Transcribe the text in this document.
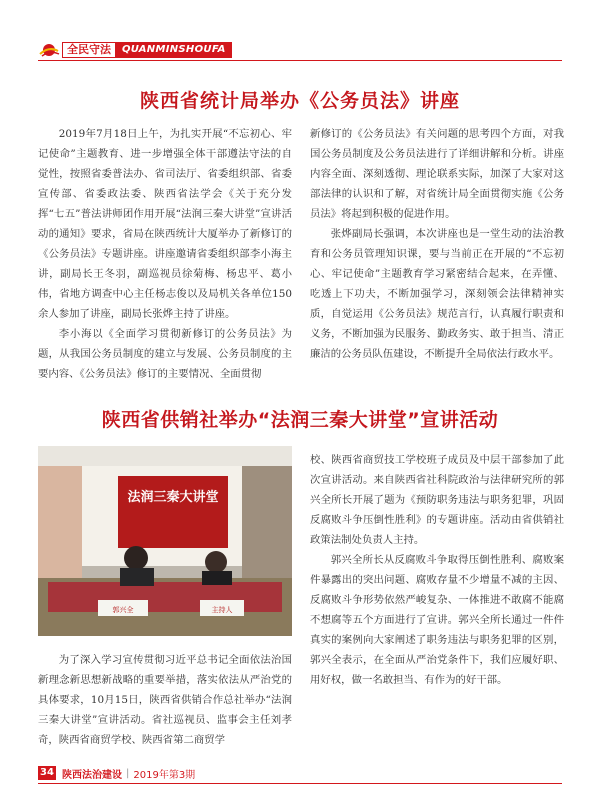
全民守法	QUANMINSHOUFA
陕西省统计局举办《公务员法》讲座

2019年7月18日上午，为扎实开展“不忘初心、牢记使命”主题教育、进一步增强全体干部遵法守法的自觉性，按照省委普法办、省司法厅、省委组织部、省委宣传部、省委政法委、陕西省法学会《关于充分发挥“七五”普法讲师团作用开展“法润三秦大讲堂”宣讲活动的通知》要求，省局在陕西统计大厦举办了新修订的《公务员法》专题讲座。讲座邀请省委组织部李小海主讲，副局长王冬羽，副巡视员徐菊梅、杨忠平、葛小伟，省地方调查中心主任杨志俊以及局机关各单位150余人参加了讲座，副局长张烨主持了讲座。

李小海以《全面学习贯彻新修订的公务员法》为题，从我国公务员制度的建立与发展、公务员制度的主要内容、《公务员法》修订的主要情况、全面贯彻

新修订的《公务员法》有关问题的思考四个方面，对我国公务员制度及公务员法进行了详细讲解和分析。讲座内容全面、深刻透彻、理论联系实际，加深了大家对这部法律的认识和了解，对省统计局全面贯彻实施《公务员法》将起到积极的促进作用。

张烨副局长强调，本次讲座也是一堂生动的法治教育和公务员管理知识课，要与当前正在开展的“不忘初心、牢记使命”主题教育学习紧密结合起来，在弄懂、吃透上下功夫，不断加强学习，深刻领会法律精神实质，自觉运用《公务员法》规范言行，认真履行职责和义务，不断加强为民服务、勤政务实、敢于担当、清正廉洁的公务员队伍建设，不断提升全局依法行政水平。

陕西省供销社举办“法润三秦大讲堂”宣讲活动
法润三秦大讲堂
郭兴全	主持人

为了深入学习宣传贯彻习近平总书记全面依法治国新理念新思想新战略的重要举措，落实依法从严治党的具体要求，10月15日，陕西省供销合作总社举办“法润三秦大讲堂”宣讲活动。省社巡视员、监事会主任刘孝奇，陕西省商贸学校、陕西省第二商贸学

校、陕西省商贸技工学校班子成员及中层干部参加了此次宣讲活动。来自陕西省社科院政治与法律研究所的郭兴全所长开展了题为《预防职务违法与职务犯罪，巩固反腐败斗争压倒性胜利》的专题讲座。活动由省供销社政策法制处负责人主持。

郭兴全所长从反腐败斗争取得压倒性胜利、腐败案件暴露出的突出问题、腐败存量不少增量不减的主因、反腐败斗争形势依然严峻复杂、一体推进不敢腐不能腐不想腐等五个方面进行了宣讲。郭兴全所长通过一件件真实的案例向大家阐述了职务违法与职务犯罪的区别，郭兴全表示，在全面从严治党条件下，我们应履好职、用好权，做一名敢担当、有作为的好干部。

34 陕西法治建设 | 2019年第3期
